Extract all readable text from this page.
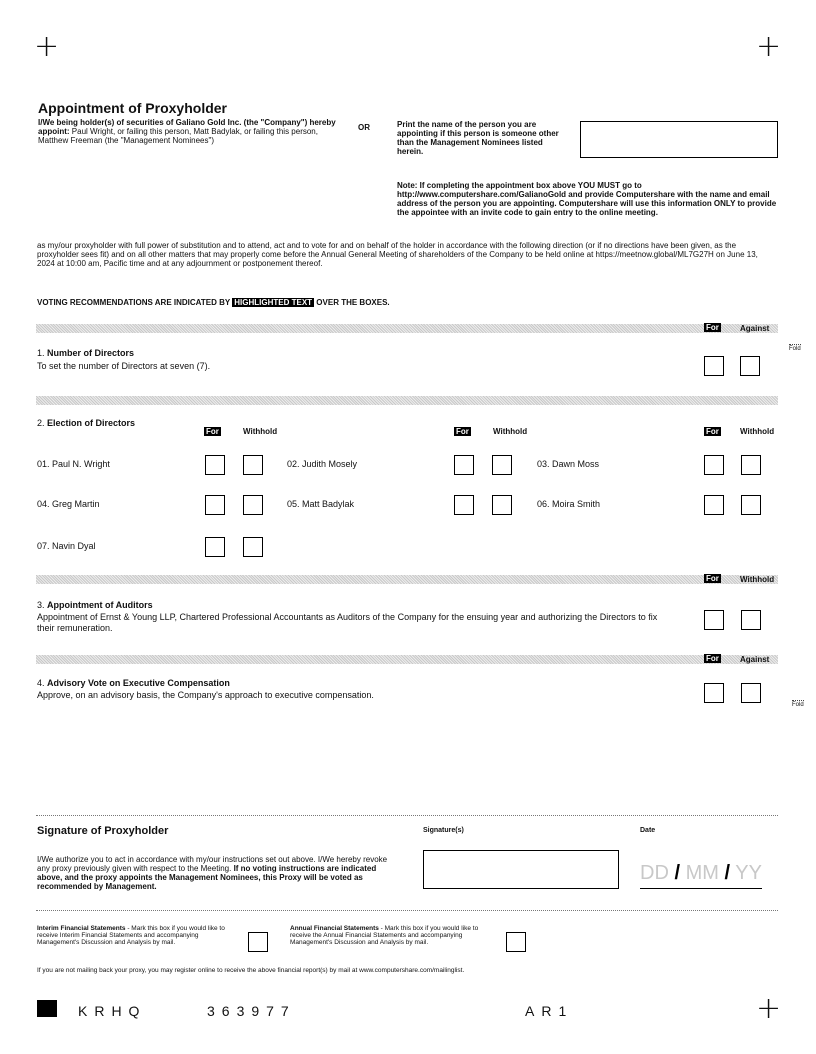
+	+
+
Appointment of Proxyholder
I/We being holder(s) of securities of Galiano Gold Inc. (the "Company") hereby appoint: Paul Wright, or failing this person, Matt Badylak, or failing this person, Matthew Freeman (the "Management Nominees")
OR	Print the name of the person you are appointing if this person is someone other than the Management Nominees listed herein.
Note: If completing the appointment box above YOU MUST go to http://www.computershare.com/GalianoGold and provide Computershare with the name and email address of the person you are appointing. Computershare will use this information ONLY to provide the appointee with an invite code to gain entry to the online meeting.
as my/our proxyholder with full power of substitution and to attend, act and to vote for and on behalf of the holder in accordance with the following direction (or if no directions have been given, as the proxyholder sees fit) and on all other matters that may properly come before the Annual General Meeting of shareholders of the Company to be held online at https://meetnow.global/ML7G27H on June 13, 2024 at 10:00 am, Pacific time and at any adjournment or postponement thereof.
VOTING RECOMMENDATIONS ARE INDICATED BY HIGHLIGHTED TEXT OVER THE BOXES.
For	Against
1. Number of Directors
To set the number of Directors at seven (7).
Fold
2. Election of Directors
For	Withhold	For	Withhold	For	Withhold
01. Paul N. Wright	02. Judith Mosely	03. Dawn Moss
04. Greg Martin	05. Matt Badylak	06. Moira Smith
07. Navin Dyal
For	Withhold
3. Appointment of Auditors
Appointment of Ernst & Young LLP, Chartered Professional Accountants as Auditors of the Company for the ensuing year and authorizing the Directors to fix their remuneration.
For	Against
4. Advisory Vote on Executive Compensation
Approve, on an advisory basis, the Company's approach to executive compensation.
Fold
Signature of Proxyholder	Signature(s)	Date
I/We authorize you to act in accordance with my/our instructions set out above. I/We hereby revoke any proxy previously given with respect to the Meeting. If no voting instructions are indicated above, and the proxy appoints the Management Nominees, this Proxy will be voted as recommended by Management.
DD / MM / YY
Interim Financial Statements - Mark this box if you would like to receive Interim Financial Statements and accompanying Management's Discussion and Analysis by mail.
Annual Financial Statements - Mark this box if you would like to receive the Annual Financial Statements and accompanying Management's Discussion and Analysis by mail.
If you are not mailing back your proxy, you may register online to receive the above financial report(s) by mail at www.computershare.com/mailinglist.
KRHQ	363977	AR1
